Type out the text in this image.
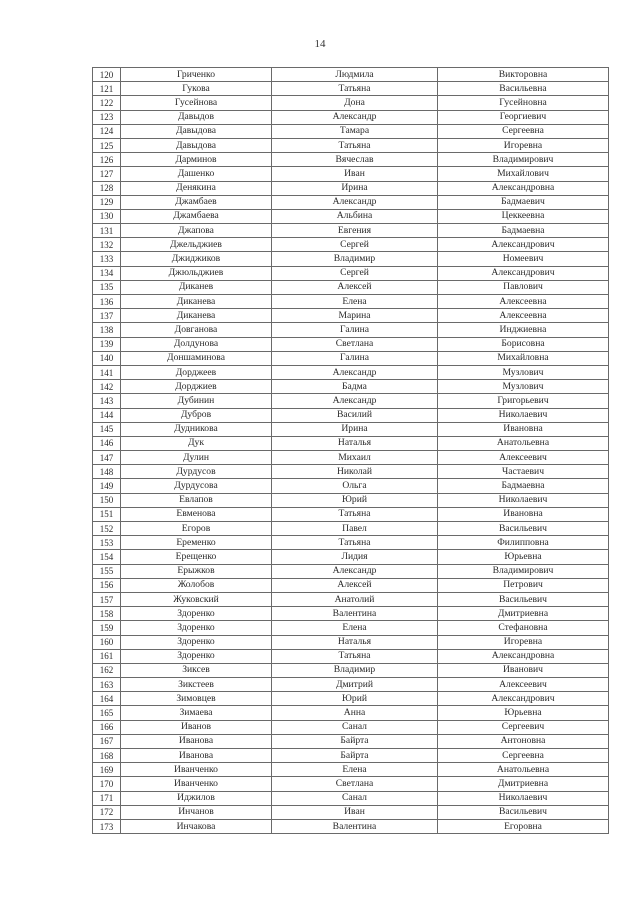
14
120	Гриченко	Людмила	Викторовна
121	Гукова	Татьяна	Васильевна
122	Гусейнова	Дона	Гусейновна
123	Давыдов	Александр	Георгиевич
124	Давыдова	Тамара	Сергеевна
125	Давыдова	Татьяна	Игоревна
126	Дарминов	Вячеслав	Владимирович
127	Дашенко	Иван	Михайлович
128	Денякина	Ирина	Александровна
129	Джамбаев	Александр	Бадмаевич
130	Джамбаева	Альбина	Цеккеевна
131	Джапова	Евгения	Бадмаевна
132	Джельджиев	Сергей	Александрович
133	Джиджиков	Владимир	Номеевич
134	Джюльджиев	Сергей	Александрович
135	Диканев	Алексей	Павлович
136	Диканева	Елена	Алексеевна
137	Диканева	Марина	Алексеевна
138	Довганова	Галина	Инджиевна
139	Долдунова	Светлана	Борисовна
140	Доншаминова	Галина	Михайловна
141	Дорджеев	Александр	Музлович
142	Дорджиев	Бадма	Музлович
143	Дубинин	Александр	Григорьевич
144	Дубров	Василий	Николаевич
145	Дудникова	Ирина	Ивановна
146	Дук	Наталья	Анатольевна
147	Дулин	Михаил	Алексеевич
148	Дурдусов	Николай	Частаевич
149	Дурдусова	Ольга	Бадмаевна
150	Евлапов	Юрий	Николаевич
151	Евменова	Татьяна	Ивановна
152	Егоров	Павел	Васильевич
153	Еременко	Татьяна	Филипповна
154	Ерещенко	Лидия	Юрьевна
155	Ерыжков	Александр	Владимирович
156	Жолобов	Алексей	Петрович
157	Жуковский	Анатолий	Васильевич
158	Здоренко	Валентина	Дмитриевна
159	Здоренко	Елена	Стефановна
160	Здоренко	Наталья	Игоревна
161	Здоренко	Татьяна	Александровна
162	Зиксев	Владимир	Иванович
163	Зикстеев	Дмитрий	Алексеевич
164	Зимовцев	Юрий	Александрович
165	Зимаева	Анна	Юрьевна
166	Иванов	Санал	Сергеевич
167	Иванова	Байрта	Антоновна
168	Иванова	Байрта	Сергеевна
169	Иванченко	Елена	Анатольевна
170	Иванченко	Светлана	Дмитриевна
171	Иджилов	Санал	Николаевич
172	Инчанов	Иван	Васильевич
173	Инчакова	Валентина	Егоровна
